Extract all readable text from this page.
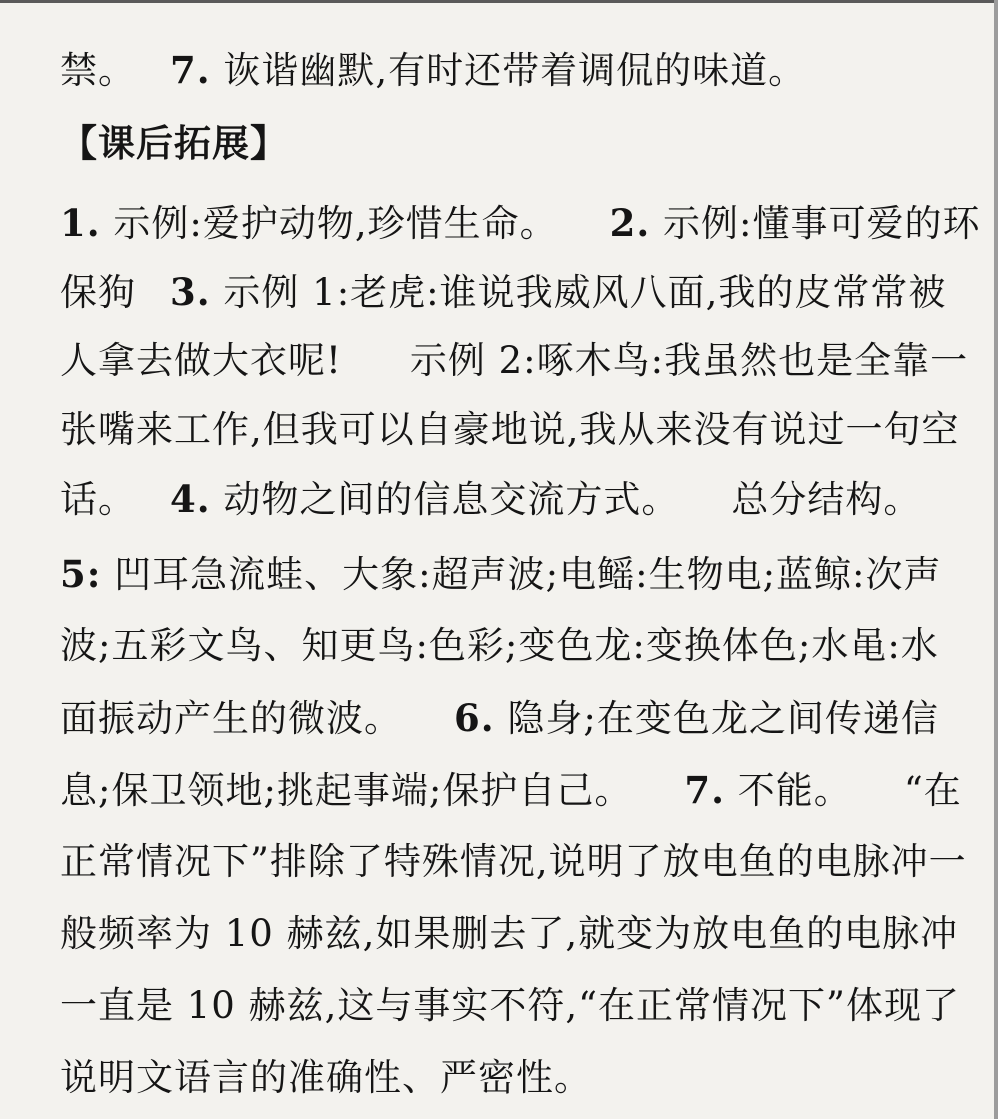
禁。 7. 诙谐幽默,有时还带着调侃的味道。
【课后拓展】
1. 示例:爱护动物,珍惜生命。 2. 示例:懂事可爱的环
保狗 3. 示例 1:老虎:谁说我威风八面,我的皮常常被
人拿去做大衣呢! 示例 2:啄木鸟:我虽然也是全靠一
张嘴来工作,但我可以自豪地说,我从来没有说过一句空
话。 4. 动物之间的信息交流方式。 总分结构。
5: 凹耳急流蛙、大象:超声波;电鳐:生物电;蓝鲸:次声
波;五彩文鸟、知更鸟:色彩;变色龙:变换体色;水黾:水
面振动产生的微波。 6. 隐身;在变色龙之间传递信
息;保卫领地;挑起事端;保护自己。 7. 不能。 “在
正常情况下”排除了特殊情况,说明了放电鱼的电脉冲一
般频率为 10 赫兹,如果删去了,就变为放电鱼的电脉冲
一直是 10 赫兹,这与事实不符,“在正常情况下”体现了
说明文语言的准确性、严密性。
